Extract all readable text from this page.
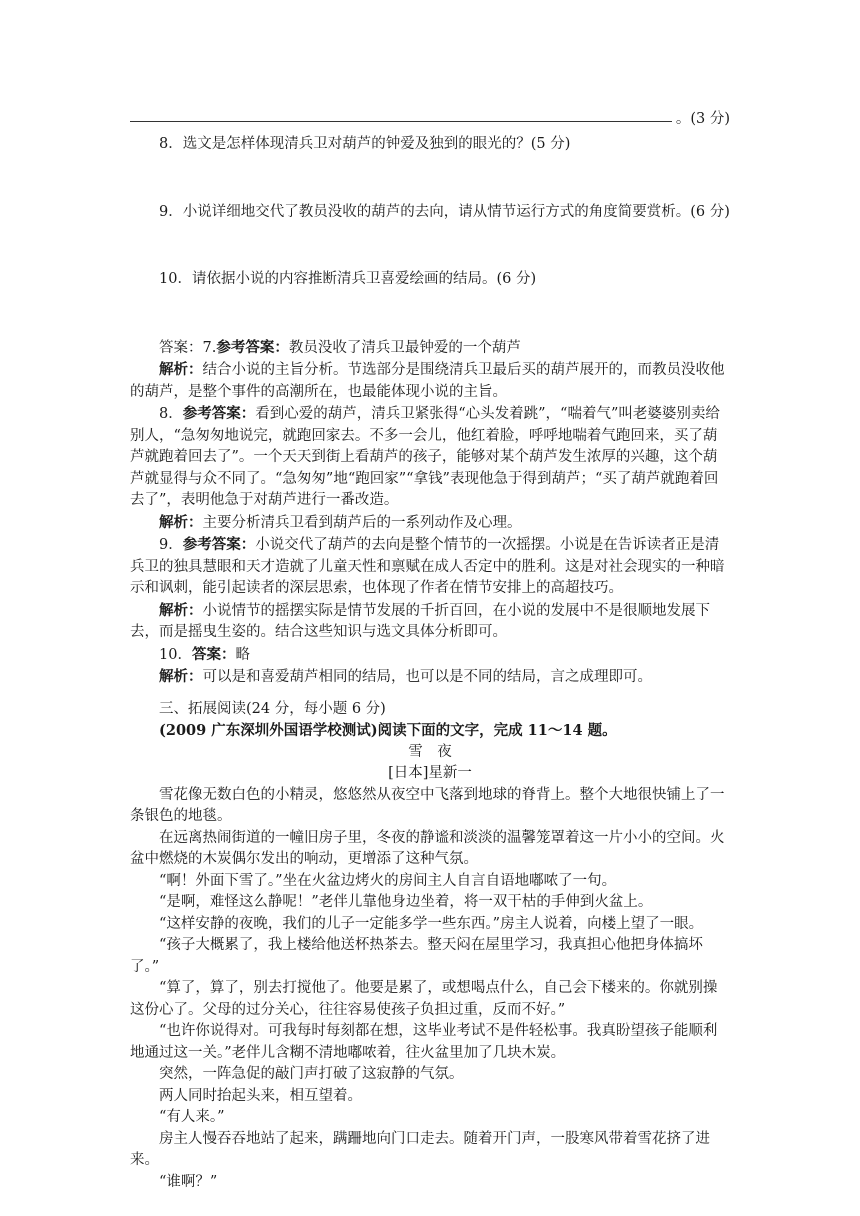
。(3 分)

8．选文是怎样体现清兵卫对葫芦的钟爱及独到的眼光的？(5 分)

9．小说详细地交代了教员没收的葫芦的去向，请从情节运行方式的角度简要赏析。(6 分)

10．请依据小说的内容推断清兵卫喜爱绘画的结局。(6 分)

答案：7.参考答案：教员没收了清兵卫最钟爱的一个葫芦

解析：结合小说的主旨分析。节选部分是围绕清兵卫最后买的葫芦展开的，而教员没收他的葫芦，是整个事件的高潮所在，也最能体现小说的主旨。

8．参考答案：看到心爱的葫芦，清兵卫紧张得“心头发着跳”，“喘着气”叫老婆婆别卖给别人，“急匆匆地说完，就跑回家去。不多一会儿，他红着脸，呼呼地喘着气跑回来，买了葫芦就跑着回去了”。一个天天到街上看葫芦的孩子，能够对某个葫芦发生浓厚的兴趣，这个葫芦就显得与众不同了。“急匆匆”地“跑回家”“拿钱”表现他急于得到葫芦；“买了葫芦就跑着回去了”，表明他急于对葫芦进行一番改造。

解析：主要分析清兵卫看到葫芦后的一系列动作及心理。

9．参考答案：小说交代了葫芦的去向是整个情节的一次摇摆。小说是在告诉读者正是清兵卫的独具慧眼和天才造就了儿童天性和禀赋在成人否定中的胜利。这是对社会现实的一种暗示和讽刺，能引起读者的深层思索，也体现了作者在情节安排上的高超技巧。

解析：小说情节的摇摆实际是情节发展的千折百回，在小说的发展中不是很顺地发展下去，而是摇曳生姿的。结合这些知识与选文具体分析即可。

10．答案：略

解析：可以是和喜爱葫芦相同的结局，也可以是不同的结局，言之成理即可。

三、拓展阅读(24 分，每小题 6 分)

(2009 广东深圳外国语学校测试)阅读下面的文字，完成 11～14 题。

雪　夜

[日本]星新一

雪花像无数白色的小精灵，悠悠然从夜空中飞落到地球的脊背上。整个大地很快铺上了一条银色的地毯。

在远离热闹街道的一幢旧房子里，冬夜的静谧和淡淡的温馨笼罩着这一片小小的空间。火盆中燃烧的木炭偶尔发出的响动，更增添了这种气氛。

“啊！外面下雪了。”坐在火盆边烤火的房间主人自言自语地嘟哝了一句。

“是啊，难怪这么静呢！”老伴儿靠他身边坐着，将一双干枯的手伸到火盆上。

“这样安静的夜晚，我们的儿子一定能多学一些东西。”房主人说着，向楼上望了一眼。

“孩子大概累了，我上楼给他送杯热茶去。整天闷在屋里学习，我真担心他把身体搞坏了。”

“算了，算了，别去打搅他了。他要是累了，或想喝点什么，自己会下楼来的。你就别操这份心了。父母的过分关心，往往容易使孩子负担过重，反而不好。”

“也许你说得对。可我每时每刻都在想，这毕业考试不是件轻松事。我真盼望孩子能顺利地通过这一关。”老伴儿含糊不清地嘟哝着，往火盆里加了几块木炭。

突然，一阵急促的敲门声打破了这寂静的气氛。

两人同时抬起头来，相互望着。

“有人来。”

房主人慢吞吞地站了起来，蹒跚地向门口走去。随着开门声，一股寒风带着雪花挤了进来。

“谁啊？”
